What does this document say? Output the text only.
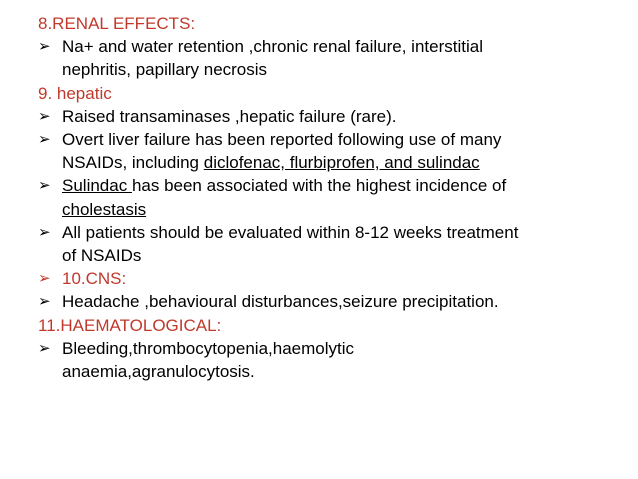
8.RENAL EFFECTS:
➢ Na+ and water retention ,chronic renal failure, interstitial
nephritis, papillary necrosis
9. hepatic
➢ Raised transaminases ,hepatic failure (rare).
➢ Overt liver failure has been reported following use of many
NSAIDs, including diclofenac, flurbiprofen, and sulindac
➢ Sulindac has been associated with the highest incidence of
cholestasis
➢ All patients should be evaluated within 8-12 weeks treatment
of NSAIDs
➢ 10.CNS:
➢ Headache ,behavioural disturbances,seizure precipitation.
11.HAEMATOLOGICAL:
➢ Bleeding,thrombocytopenia,haemolytic
anaemia,agranulocytosis.
